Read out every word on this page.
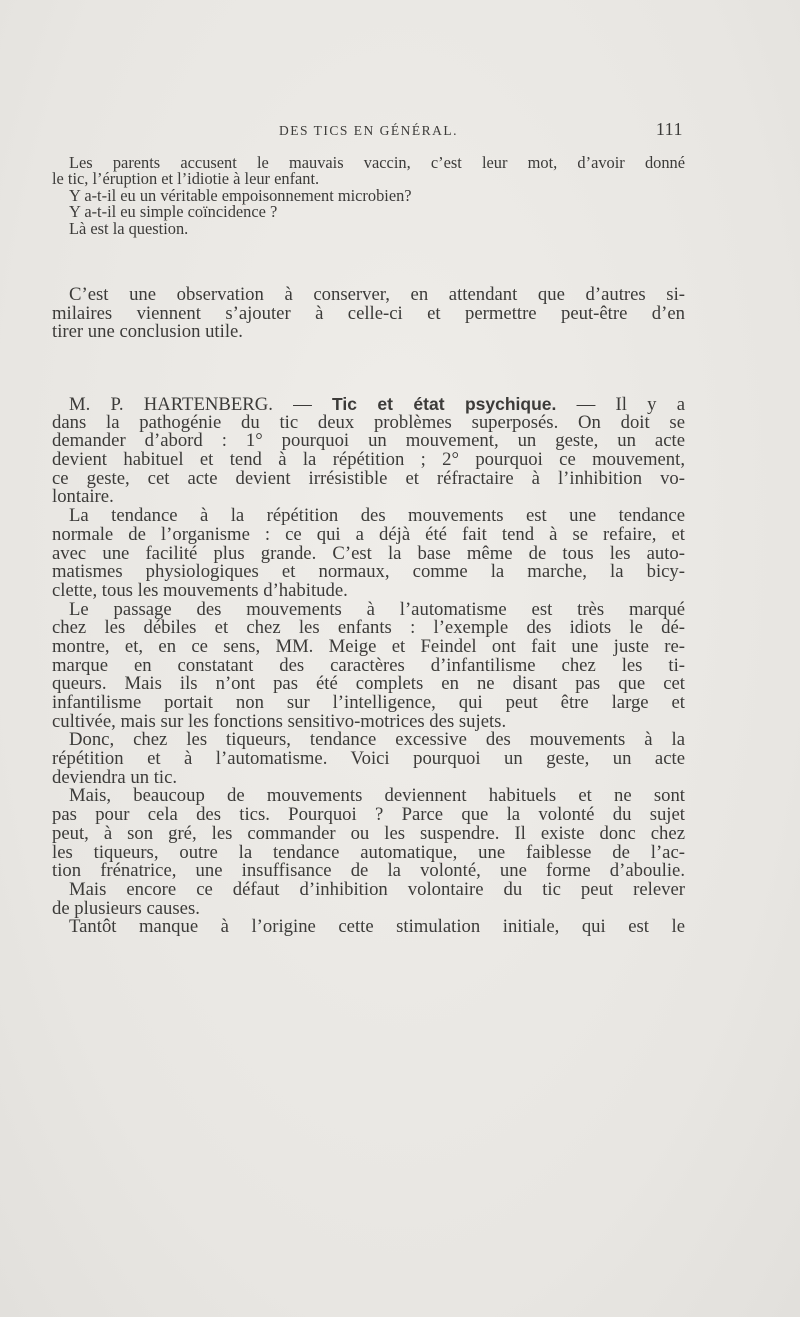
DES TICS EN GÉNÉRAL.	111
Les parents accusent le mauvais vaccin, c’est leur mot, d’avoir donné
le tic, l’éruption et l’idiotie à leur enfant.
Y a-t-il eu un véritable empoisonnement microbien?
Y a-t-il eu simple coïncidence ?
Là est la question.
C’est une observation à conserver, en attendant que d’autres si-
milaires viennent s’ajouter à celle-ci et permettre peut-être d’en
tirer une conclusion utile.
M. P. HARTENBERG. — Tic et état psychique. — Il y a
dans la pathogénie du tic deux problèmes superposés. On doit se
demander d’abord : 1° pourquoi un mouvement, un geste, un acte
devient habituel et tend à la répétition ; 2° pourquoi ce mouvement,
ce geste, cet acte devient irrésistible et réfractaire à l’inhibition vo-
lontaire.
La tendance à la répétition des mouvements est une tendance
normale de l’organisme : ce qui a déjà été fait tend à se refaire, et
avec une facilité plus grande. C’est la base même de tous les auto-
matismes physiologiques et normaux, comme la marche, la bicy-
clette, tous les mouvements d’habitude.
Le passage des mouvements à l’automatisme est très marqué
chez les débiles et chez les enfants : l’exemple des idiots le dé-
montre, et, en ce sens, MM. Meige et Feindel ont fait une juste re-
marque en constatant des caractères d’infantilisme chez les ti-
queurs. Mais ils n’ont pas été complets en ne disant pas que cet
infantilisme portait non sur l’intelligence, qui peut être large et
cultivée, mais sur les fonctions sensitivo-motrices des sujets.
Donc, chez les tiqueurs, tendance excessive des mouvements à la
répétition et à l’automatisme. Voici pourquoi un geste, un acte
deviendra un tic.
Mais, beaucoup de mouvements deviennent habituels et ne sont
pas pour cela des tics. Pourquoi ? Parce que la volonté du sujet
peut, à son gré, les commander ou les suspendre. Il existe donc chez
les tiqueurs, outre la tendance automatique, une faiblesse de l’ac-
tion frénatrice, une insuffisance de la volonté, une forme d’aboulie.
Mais encore ce défaut d’inhibition volontaire du tic peut relever
de plusieurs causes.
Tantôt manque à l’origine cette stimulation initiale, qui est le
